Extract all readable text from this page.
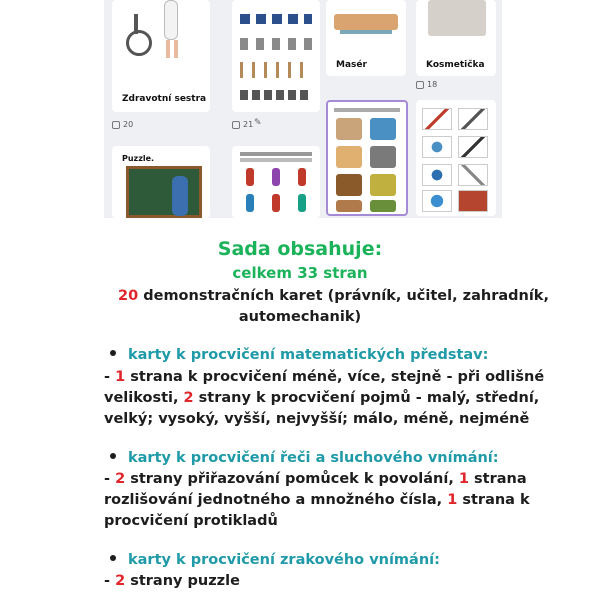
Zdravotní sestra
20	21 ✎
Masér	Kosmetička
18
Puzzle.
Sada obsahuje:
celkem 33 stran
20 demonstračních karet (právník, učitel, zahradník,
automechanik)
karty k procvičení matematických představ:
- 1 strana k procvičení méně, více, stejně - při odlišné
velikosti, 2 strany k procvičení pojmů - malý, střední,
velký; vysoký, vyšší, nejvyšší; málo, méně, nejméně
karty k procvičení řeči a sluchového vnímání:
- 2 strany přiřazování pomůcek k povolání, 1 strana
rozlišování jednotného a množného čísla, 1 strana k
procvičení protikladů
karty k procvičení zrakového vnímání:
- 2 strany puzzle
